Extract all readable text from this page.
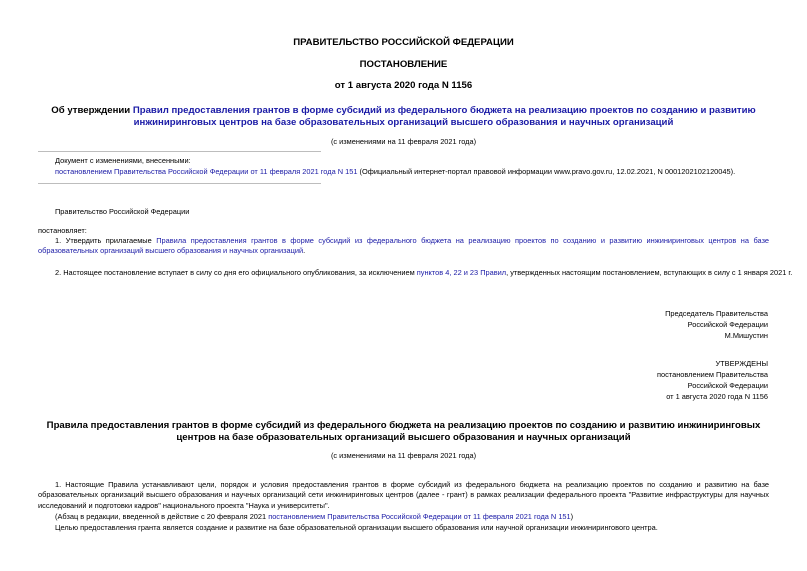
ПРАВИТЕЛЬСТВО РОССИЙСКОЙ ФЕДЕРАЦИИ
ПОСТАНОВЛЕНИЕ
от 1 августа 2020 года N 1156
Об утверждении Правил предоставления грантов в форме субсидий из федерального бюджета на реализацию проектов по созданию и развитию инжиниринговых центров на базе образовательных организаций высшего образования и научных организаций
(с изменениями на 11 февраля 2021 года)
Документ с изменениями, внесенными:
постановлением Правительства Российской Федерации от 11 февраля 2021 года N 151 (Официальный интернет-портал правовой информации www.pravo.gov.ru, 12.02.2021, N 0001202102120045).
Правительство Российской Федерации
постановляет:
1. Утвердить прилагаемые Правила предоставления грантов в форме субсидий из федерального бюджета на реализацию проектов по созданию и развитию инжиниринговых центров на базе образовательных организаций высшего образования и научных организаций.
2. Настоящее постановление вступает в силу со дня его официального опубликования, за исключением пунктов 4, 22 и 23 Правил, утвержденных настоящим постановлением, вступающих в силу с 1 января 2021 г.
Председатель Правительства
Российской Федерации
М.Мишустин
УТВЕРЖДЕНЫ
постановлением Правительства
Российской Федерации
от 1 августа 2020 года N 1156
Правила предоставления грантов в форме субсидий из федерального бюджета на реализацию проектов по созданию и развитию инжиниринговых центров на базе образовательных организаций высшего образования и научных организаций
(с изменениями на 11 февраля 2021 года)
1. Настоящие Правила устанавливают цели, порядок и условия предоставления грантов в форме субсидий из федерального бюджета на реализацию проектов по созданию и развитию на базе образовательных организаций высшего образования и научных организаций сети инжиниринговых центров (далее - грант) в рамках реализации федерального проекта "Развитие инфраструктуры для научных исследований и подготовки кадров" национального проекта "Наука и университеты".
(Абзац в редакции, введенной в действие с 20 февраля 2021 постановлением Правительства Российской Федерации от 11 февраля 2021 года N 151)
Целью предоставления гранта является создание и развитие на базе образовательной организации высшего образования или научной организации инжинирингового центра.
